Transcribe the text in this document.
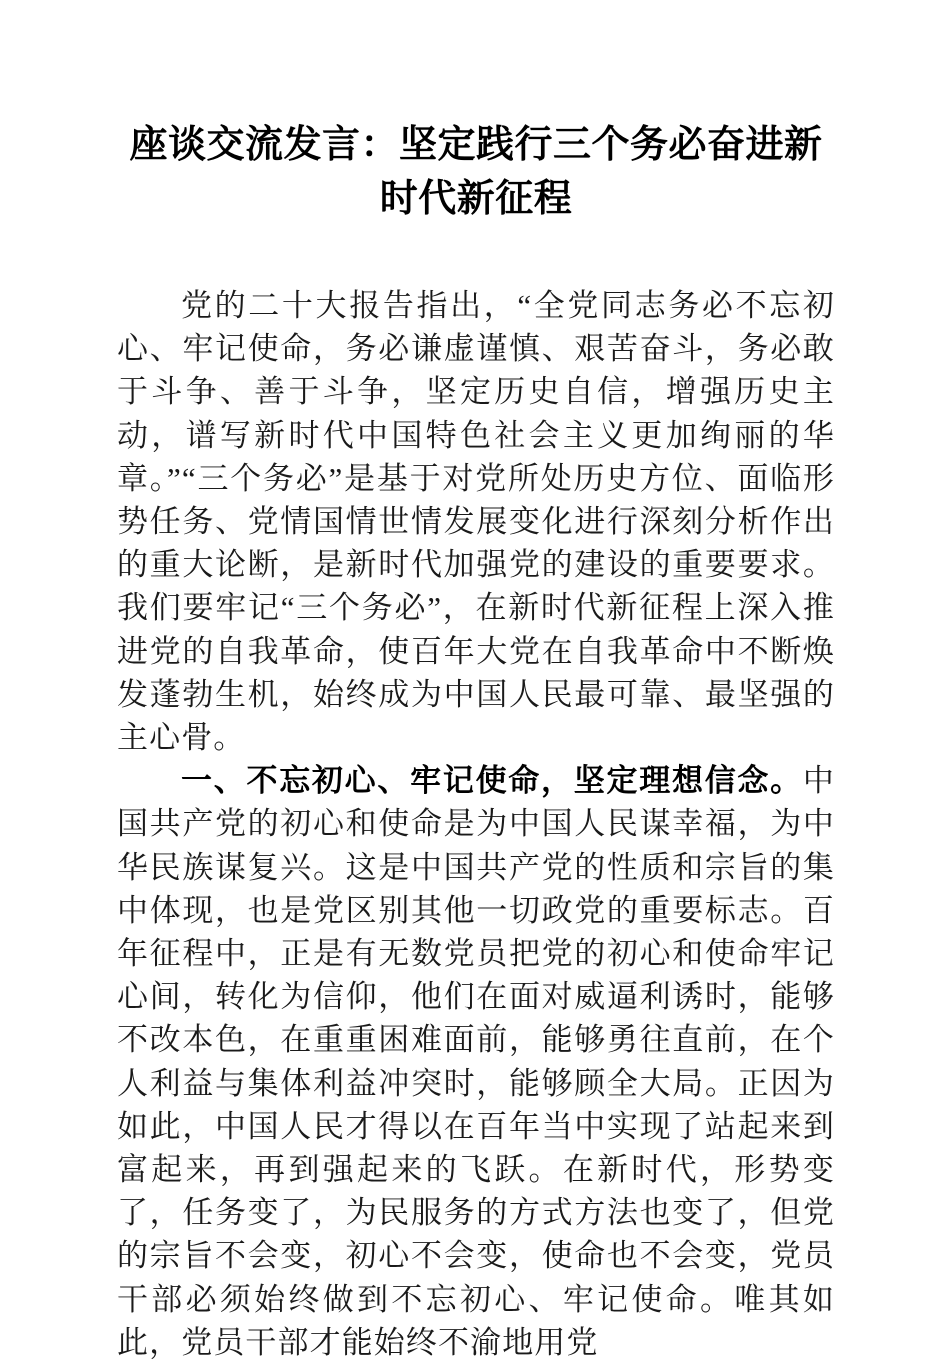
座谈交流发言：坚定践行三个务必奋进新时代新征程

党的二十大报告指出，“全党同志务必不忘初心、牢记使命，务必谦虚谨慎、艰苦奋斗，务必敢于斗争、善于斗争，坚定历史自信，增强历史主动，谱写新时代中国特色社会主义更加绚丽的华章。”“三个务必”是基于对党所处历史方位、面临形势任务、党情国情世情发展变化进行深刻分析作出的重大论断，是新时代加强党的建设的重要要求。我们要牢记“三个务必”，在新时代新征程上深入推进党的自我革命，使百年大党在自我革命中不断焕发蓬勃生机，始终成为中国人民最可靠、最坚强的主心骨。

一、不忘初心、牢记使命，坚定理想信念。中国共产党的初心和使命是为中国人民谋幸福，为中华民族谋复兴。这是中国共产党的性质和宗旨的集中体现，也是党区别其他一切政党的重要标志。百年征程中，正是有无数党员把党的初心和使命牢记心间，转化为信仰，他们在面对威逼利诱时，能够不改本色，在重重困难面前，能够勇往直前，在个人利益与集体利益冲突时，能够顾全大局。正因为如此，中国人民才得以在百年当中实现了站起来到富起来，再到强起来的飞跃。在新时代，形势变了，任务变了，为民服务的方式方法也变了，但党的宗旨不会变，初心不会变，使命也不会变，党员干部必须始终做到不忘初心、牢记使命。唯其如此，党员干部才能始终不渝地用党
